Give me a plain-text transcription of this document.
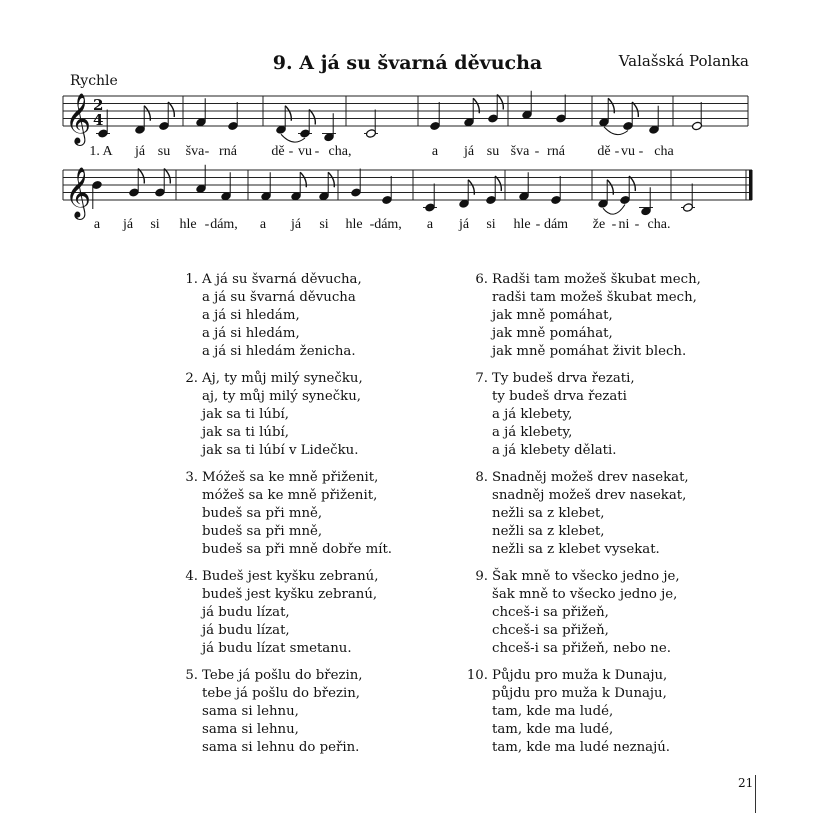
9. A já su švarná děvucha	Valašská Polanka
Rychle
𝄞 2
4
𝄞
1. A já su šva - rná dě - vu - cha,	a já su šva - rná dě - vu - cha
a já si hle - dám, a já si hle - dám, a já si hle - dám že - ni - cha.
1. A já su švarná děvucha,
a já su švarná děvucha
a já si hledám,
a já si hledám,
a já si hledám ženicha.
2. Aj, ty můj milý synečku,
aj, ty můj milý synečku,
jak sa ti lúbí,
jak sa ti lúbí,
jak sa ti lúbí v Lidečku.
3. Móžeš sa ke mně přiženit,
móžeš sa ke mně přiženit,
budeš sa při mně,
budeš sa při mně,
budeš sa při mně dobře mít.
4. Budeš jest kyšku zebranú,
budeš jest kyšku zebranú,
já budu lízat,
já budu lízat,
já budu lízat smetanu.
5. Tebe já pošlu do březin,
tebe já pošlu do březin,
sama si lehnu,
sama si lehnu,
sama si lehnu do peřin.
6. Radši tam možeš škubat mech,
radši tam možeš škubat mech,
jak mně pomáhat,
jak mně pomáhat,
jak mně pomáhat živit blech.
7. Ty budeš drva řezati,
ty budeš drva řezati
a já klebety,
a já klebety,
a já klebety dělati.
8. Snadněj možeš drev nasekat,
snadněj možeš drev nasekat,
nežli sa z klebet,
nežli sa z klebet,
nežli sa z klebet vysekat.
9. Šak mně to všecko jedno je,
šak mně to všecko jedno je,
chceš-i sa přižeň,
chceš-i sa přižeň,
chceš-i sa přižeň, nebo ne.
10. Půjdu pro muža k Dunaju,
půjdu pro muža k Dunaju,
tam, kde ma ludé,
tam, kde ma ludé,
tam, kde ma ludé neznajú.
21
